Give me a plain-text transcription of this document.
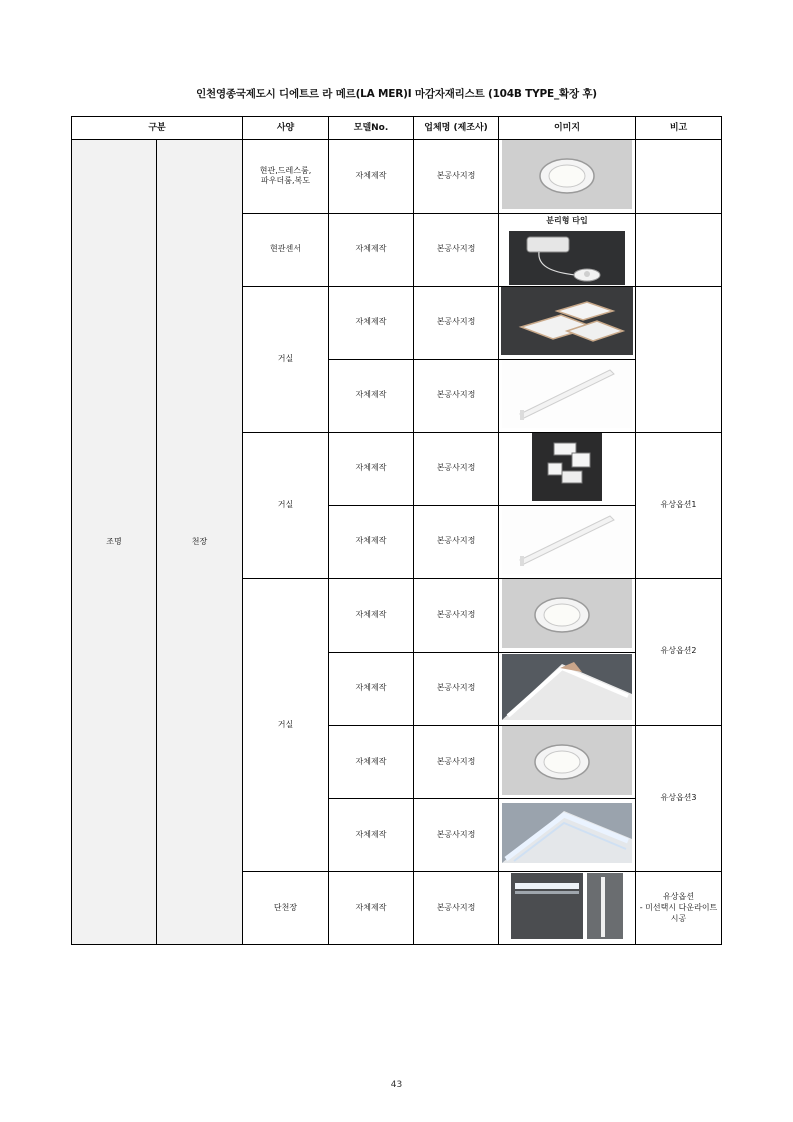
인천영종국제도시 디에트르 라 메르(LA MER)Ⅰ 마감자재리스트 (104B TYPE_확장 후)
구분		사양	모델No.	업체명 (제조사)	이미지	비고
조명	천장	현관,드레스룸,
파우더룸,복도	자체제작	본공사지정		
		현관센서	자체제작	본공사지정	분리형 타입	

		거실	자체제작	본공사지정		
			자체제작	본공사지정	
		거실	자체제작	본공사지정		유상옵션1
			자체제작	본공사지정	
		거실	자체제작	본공사지정		유상옵션2
			자체제작	본공사지정	
			자체제작	본공사지정		유상옵션3
			자체제작	본공사지정	
		단천장	자체제작	본공사지정		유상옵션
- 미선택시 다운라이트
시공
43
